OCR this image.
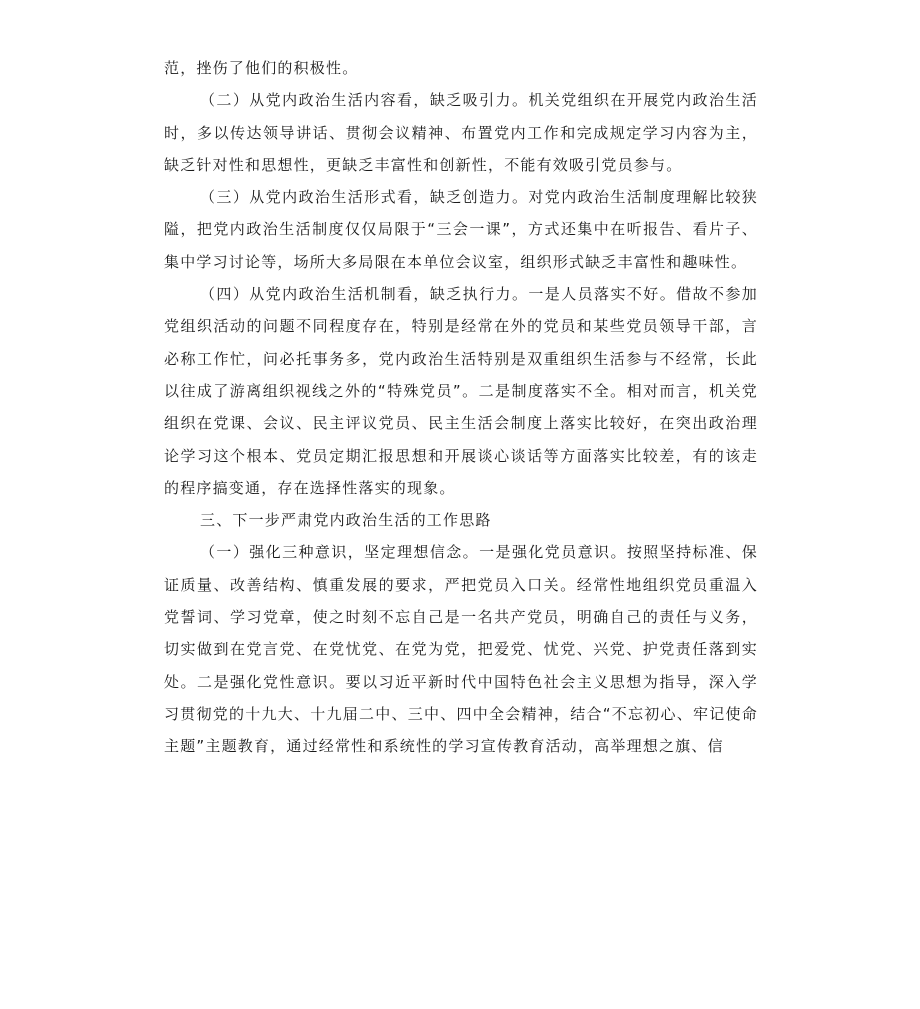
范，挫伤了他们的积极性。

（二）从党内政治生活内容看，缺乏吸引力。机关党组织在开展党内政治生活时，多以传达领导讲话、贯彻会议精神、布置党内工作和完成规定学习内容为主，缺乏针对性和思想性，更缺乏丰富性和创新性，不能有效吸引党员参与。

（三）从党内政治生活形式看，缺乏创造力。对党内政治生活制度理解比较狭隘，把党内政治生活制度仅仅局限于“三会一课”，方式还集中在听报告、看片子、集中学习讨论等，场所大多局限在本单位会议室，组织形式缺乏丰富性和趣味性。

（四）从党内政治生活机制看，缺乏执行力。一是人员落实不好。借故不参加党组织活动的问题不同程度存在，特别是经常在外的党员和某些党员领导干部，言必称工作忙，问必托事务多，党内政治生活特别是双重组织生活参与不经常，长此以往成了游离组织视线之外的“特殊党员”。二是制度落实不全。相对而言，机关党组织在党课、会议、民主评议党员、民主生活会制度上落实比较好，在突出政治理论学习这个根本、党员定期汇报思想和开展谈心谈话等方面落实比较差，有的该走的程序搞变通，存在选择性落实的现象。

三、下一步严肃党内政治生活的工作思路

（一）强化三种意识，坚定理想信念。一是强化党员意识。按照坚持标准、保证质量、改善结构、慎重发展的要求，严把党员入口关。经常性地组织党员重温入党誓词、学习党章，使之时刻不忘自己是一名共产党员，明确自己的责任与义务，切实做到在党言党、在党忧党、在党为党，把爱党、忧党、兴党、护党责任落到实处。二是强化党性意识。要以习近平新时代中国特色社会主义思想为指导，深入学习贯彻党的十九大、十九届二中、三中、四中全会精神，结合“不忘初心、牢记使命主题”主题教育，通过经常性和系统性的学习宣传教育活动，高举理想之旗、信
